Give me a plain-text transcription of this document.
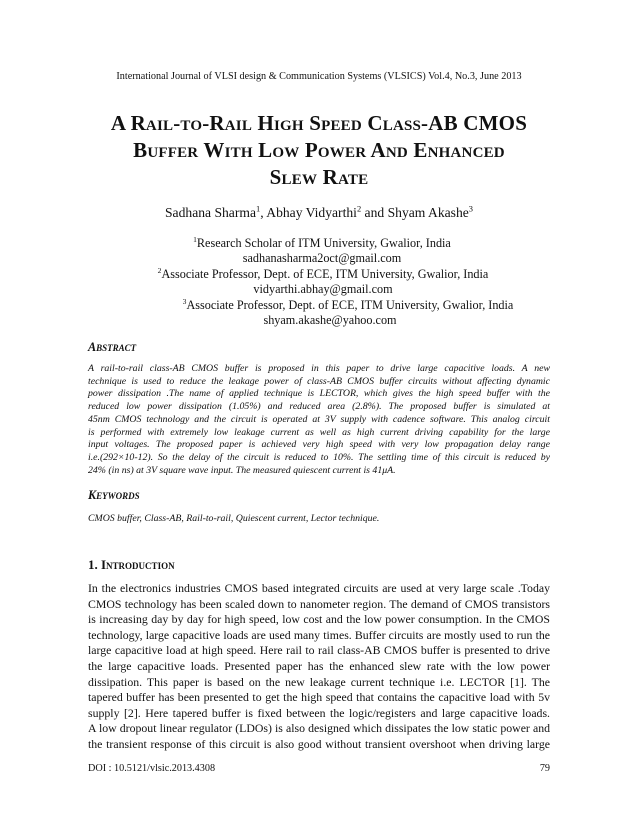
International Journal of VLSI design & Communication Systems (VLSICS) Vol.4, No.3, June 2013
A Rail-to-Rail High Speed Class-AB CMOS
Buffer With Low Power And Enhanced
Slew Rate
Sadhana Sharma$^1$, Abhay Vidyarthi$^2$ and Shyam Akashe$^3$
$^1$Research Scholar of ITM University, Gwalior, India
sadhanasharma2oct@gmail.com
$^2$Associate Professor, Dept. of ECE, ITM University, Gwalior, India
vidyarthi.abhay@gmail.com
$^3$Associate Professor, Dept. of ECE, ITM University, Gwalior, India
shyam.akashe@yahoo.com
Abstract
A rail-to-rail class-AB CMOS buffer is proposed in this paper to drive large capacitive loads. A new
technique is used to reduce the leakage power of class-AB CMOS buffer circuits without affecting dynamic
power dissipation .The name of applied technique is LECTOR, which gives the high speed buffer with the
reduced low power dissipation (1.05%) and reduced area (2.8%). The proposed buffer is simulated at
45nm CMOS technology and the circuit is operated at 3V supply with cadence software. This analog circuit
is performed with extremely low leakage current as well as high current driving capability for the large
input voltages. The proposed paper is achieved very high speed with very low propagation delay range
i.e.(292×10-12). So the delay of the circuit is reduced to 10%. The settling time of this circuit is reduced by
24% (in ns) at 3V square wave input. The measured quiescent current is 41μA.
Keywords
CMOS buffer, Class-AB, Rail-to-rail, Quiescent current, Lector technique.
1. Introduction
In the electronics industries CMOS based integrated circuits are used at very large scale .Today
CMOS technology has been scaled down to nanometer region. The demand of CMOS transistors
is increasing day by day for high speed, low cost and the low power consumption. In the CMOS
technology, large capacitive loads are used many times. Buffer circuits are mostly used to run the
large capacitive load at high speed. Here rail to rail class-AB CMOS buffer is presented to drive
the large capacitive loads. Presented paper has the enhanced slew rate with the low power
dissipation. This paper is based on the new leakage current technique i.e. LECTOR [1]. The
tapered buffer has been presented to get the high speed that contains the capacitive load with 5v
supply [2]. Here tapered buffer is fixed between the logic/registers and large capacitive loads.
A low dropout linear regulator (LDOs) is also designed which dissipates the low static power and
the transient response of this circuit is also good without transient overshoot when driving large
DOI : 10.5121/vlsic.2013.4308	79
